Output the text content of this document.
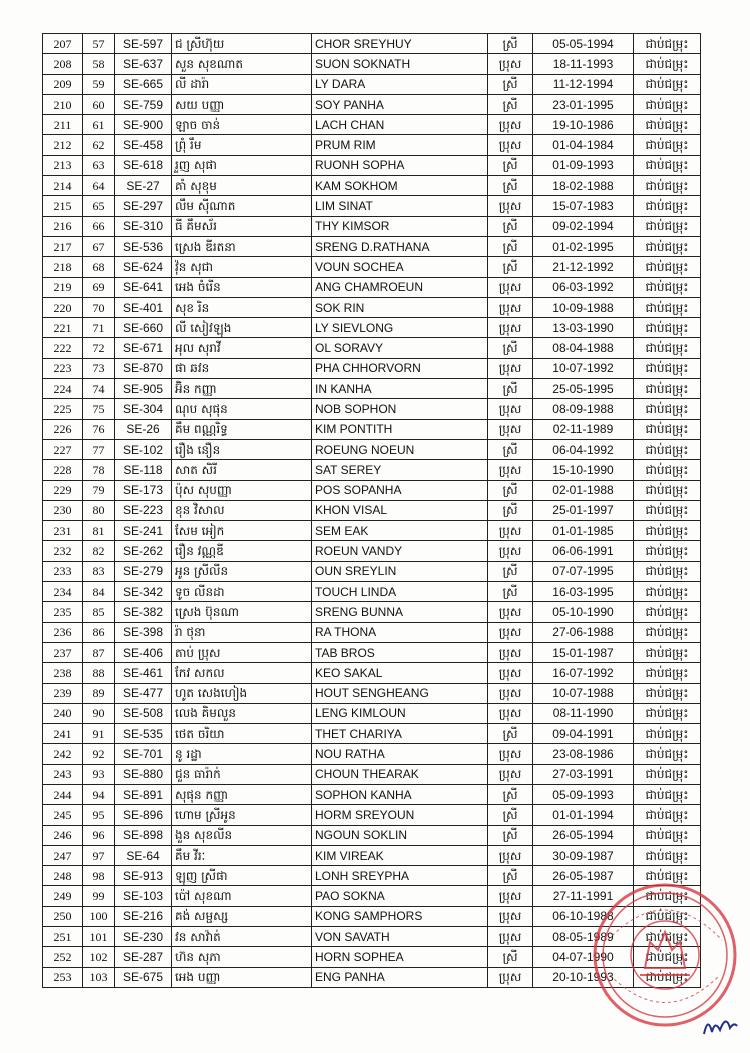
207	57	SE-597	ជ ស្រីហ៊ុយ	CHOR SREYHUY	ស្រី	05-05-1994	ជាប់ជម្រុះ
208	58	SE-637	សួន សុខណាត	SUON SOKNATH	ប្រុស	18-11-1993	ជាប់ជម្រុះ
209	59	SE-665	លី ដារ៉ា	LY DARA	ស្រី	11-12-1994	ជាប់ជម្រុះ
210	60	SE-759	សយ បញ្ញា	SOY PANHA	ស្រី	23-01-1995	ជាប់ជម្រុះ
211	61	SE-900	ឡាច ចាន់	LACH CHAN	ប្រុស	19-10-1986	ជាប់ជម្រុះ
212	62	SE-458	ព្រុំ រឹម	PRUM RIM	ប្រុស	01-04-1984	ជាប់ជម្រុះ
213	63	SE-618	រួញ សុផា	RUONH SOPHA	ស្រី	01-09-1993	ជាប់ជម្រុះ
214	64	SE-27	គាំ សុខុម	KAM SOKHOM	ស្រី	18-02-1988	ជាប់ជម្រុះ
215	65	SE-297	លឹម ស៊ីណាត	LIM SINAT	ប្រុស	15-07-1983	ជាប់ជម្រុះ
216	66	SE-310	ធី គឹមស័រ	THY KIMSOR	ស្រី	09-02-1994	ជាប់ជម្រុះ
217	67	SE-536	ស្រេង ឌីរតនា	SRENG D.RATHANA	ស្រី	01-02-1995	ជាប់ជម្រុះ
218	68	SE-624	វ៉ុន សុជា	VOUN SOCHEA	ស្រី	21-12-1992	ជាប់ជម្រុះ
219	69	SE-641	អេង ចំរើន	ANG CHAMROEUN	ប្រុស	06-03-1992	ជាប់ជម្រុះ
220	70	SE-401	សុខ រិន	SOK RIN	ប្រុស	10-09-1988	ជាប់ជម្រុះ
221	71	SE-660	លី សៀវឡុង	LY SIEVLONG	ប្រុស	13-03-1990	ជាប់ជម្រុះ
222	72	SE-671	អុល សុរាវី	OL SORAVY	ស្រី	08-04-1988	ជាប់ជម្រុះ
223	73	SE-870	ផា ឆវន	PHA CHHORVORN	ប្រុស	10-07-1992	ជាប់ជម្រុះ
224	74	SE-905	អ៊ិន កញ្ញា	IN KANHA	ស្រី	25-05-1995	ជាប់ជម្រុះ
225	75	SE-304	ណុប សុផុន	NOB SOPHON	ប្រុស	08-09-1988	ជាប់ជម្រុះ
226	76	SE-26	គឹម ពណ្ណរិទ្ធ	KIM PONTITH	ប្រុស	02-11-1989	ជាប់ជម្រុះ
227	77	SE-102	រឿង នឿន	ROEUNG NOEUN	ស្រី	06-04-1992	ជាប់ជម្រុះ
228	78	SE-118	សាត សិរី	SAT SEREY	ប្រុស	15-10-1990	ជាប់ជម្រុះ
229	79	SE-173	ប៉ុស សុបញ្ញា	POS SOPANHA	ស្រី	02-01-1988	ជាប់ជម្រុះ
230	80	SE-223	ខុន វិសាល	KHON VISAL	ស្រី	25-01-1997	ជាប់ជម្រុះ
231	81	SE-241	សែម អៀក	SEM EAK	ប្រុស	01-01-1985	ជាប់ជម្រុះ
232	82	SE-262	រឿន វណ្ណឌី	ROEUN VANDY	ប្រុស	06-06-1991	ជាប់ជម្រុះ
233	83	SE-279	អូន ស្រីលីន	OUN SREYLIN	ស្រី	07-07-1995	ជាប់ជម្រុះ
234	84	SE-342	ទូច លីនដា	TOUCH LINDA	ស្រី	16-03-1995	ជាប់ជម្រុះ
235	85	SE-382	ស្រេង ប៊ុនណា	SRENG BUNNA	ប្រុស	05-10-1990	ជាប់ជម្រុះ
236	86	SE-398	រ៉ា ថុនា	RA THONA	ប្រុស	27-06-1988	ជាប់ជម្រុះ
237	87	SE-406	តាប់ ប្រុស	TAB BROS	ប្រុស	15-01-1987	ជាប់ជម្រុះ
238	88	SE-461	កែវ សកល	KEO SAKAL	ប្រុស	16-07-1992	ជាប់ជម្រុះ
239	89	SE-477	ហូត សេងហៀង	HOUT SENGHEANG	ប្រុស	10-07-1988	ជាប់ជម្រុះ
240	90	SE-508	លេង គិមលួន	LENG KIMLOUN	ប្រុស	08-11-1990	ជាប់ជម្រុះ
241	91	SE-535	ថេត ចរិយា	THET CHARIYA	ស្រី	09-04-1991	ជាប់ជម្រុះ
242	92	SE-701	នូ រដ្ឋា	NOU RATHA	ប្រុស	23-08-1986	ជាប់ជម្រុះ
243	93	SE-880	ជួន ធារ៉ាក់	CHOUN THEARAK	ប្រុស	27-03-1991	ជាប់ជម្រុះ
244	94	SE-891	សុផុន កញ្ញា	SOPHON KANHA	ស្រី	05-09-1993	ជាប់ជម្រុះ
245	95	SE-896	ហោម ស្រីអូន	HORM SREYOUN	ស្រី	01-01-1994	ជាប់ជម្រុះ
246	96	SE-898	ងួន សុខលីន	NGOUN SOKLIN	ស្រី	26-05-1994	ជាប់ជម្រុះ
247	97	SE-64	គឹម វីរៈ	KIM VIREAK	ប្រុស	30-09-1987	ជាប់ជម្រុះ
248	98	SE-913	ឡុញ ស្រីផា	LONH SREYPHA	ស្រី	26-05-1987	ជាប់ជម្រុះ
249	99	SE-103	ប៉ៅ សុខណា	PAO SOKNA	ប្រុស	27-11-1991	ជាប់ជម្រុះ
250	100	SE-216	គង់ សម្ផស្ស	KONG SAMPHORS	ប្រុស	06-10-1988	ជាប់ជម្រុះ
251	101	SE-230	វន សាវ៉ាត់	VON SAVATH	ប្រុស	08-05-1989	ជាប់ជម្រុះ
252	102	SE-287	ហ៊ន សុភា	HORN SOPHEA	ស្រី	04-07-1990	ជាប់ជម្រុះ
253	103	SE-675	អេង បញ្ញា	ENG PANHA	ប្រុស	20-10-1993	ជាប់ជម្រុះ
